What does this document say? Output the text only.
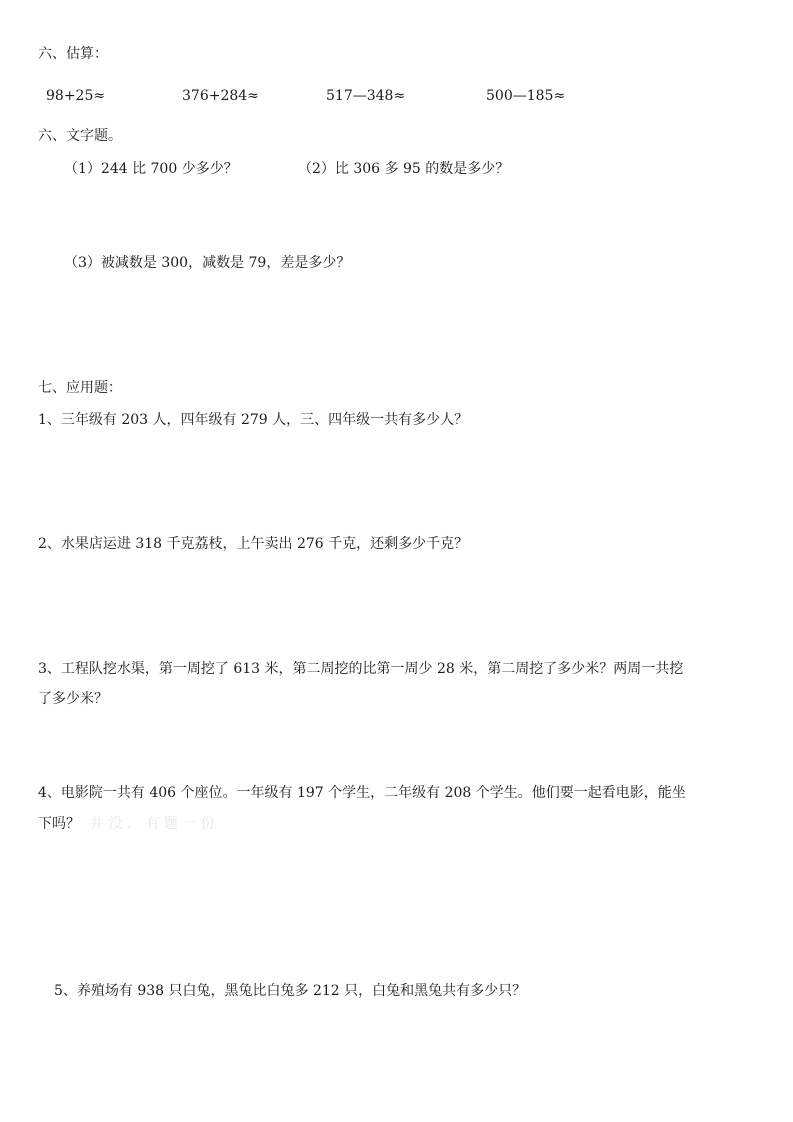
六、估算：
98+25≈	376+284≈	517—348≈	500—185≈
六、文字题。
（1）244 比 700 少多少？	（2）比 306 多 95 的数是多少？
（3）被减数是 300，减数是 79，差是多少？
七、应用题：
1、三年级有 203 人，四年级有 279 人，三、四年级一共有多少人？
2、水果店运进 318 千克荔枝，上午卖出 276 千克，还剩多少千克？
3、工程队挖水渠，第一周挖了 613 米，第二周挖的比第一周少 28 米，第二周挖了多少米？两周一共挖
了多少米？
4、电影院一共有 406 个座位。一年级有 197 个学生，二年级有 208 个学生。他们要一起看电影，能坐
下吗？ 并 没 ． 有 题 一 份
5、养殖场有 938 只白兔，黑兔比白兔多 212 只，白兔和黑兔共有多少只？
